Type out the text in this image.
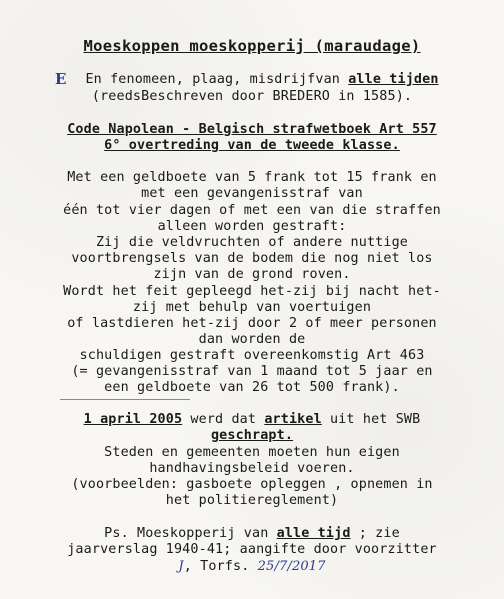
Moeskoppen moeskopperij (maraudage)
E	En fenomeen, plaag, misdrijfvan alle tijden
(reedsBeschreven door BREDERO in 1585).
Code Napolean - Belgisch strafwetboek Art 557
6° overtreding van de tweede klasse.
Met een geldboete van 5 frank tot 15 frank en
met een gevangenisstraf van
één tot vier dagen of met een van die straffen
alleen worden gestraft:
Zij die veldvruchten of andere nuttige
voortbrengsels van de bodem die nog niet los
zijn van de grond roven.
Wordt het feit gepleegd het-zij bij nacht het-
zij met behulp van voertuigen
of lastdieren het-zij door 2 of meer personen
dan worden de
schuldigen gestraft overeenkomstig Art 463
(= gevangenisstraf van 1 maand tot 5 jaar en
een geldboete van 26 tot 500 frank).
1 april 2005 werd dat artikel uit het SWB
geschrapt.
Steden en gemeenten moeten hun eigen
handhavingsbeleid voeren.
(voorbeelden: gasboete opleggen , opnemen in
het politiereglement)
Ps. Moeskopperij van alle tijd ; zie
jaarverslag 1940-41; aangifte door voorzitter
J, Torfs. 25/7/2017
